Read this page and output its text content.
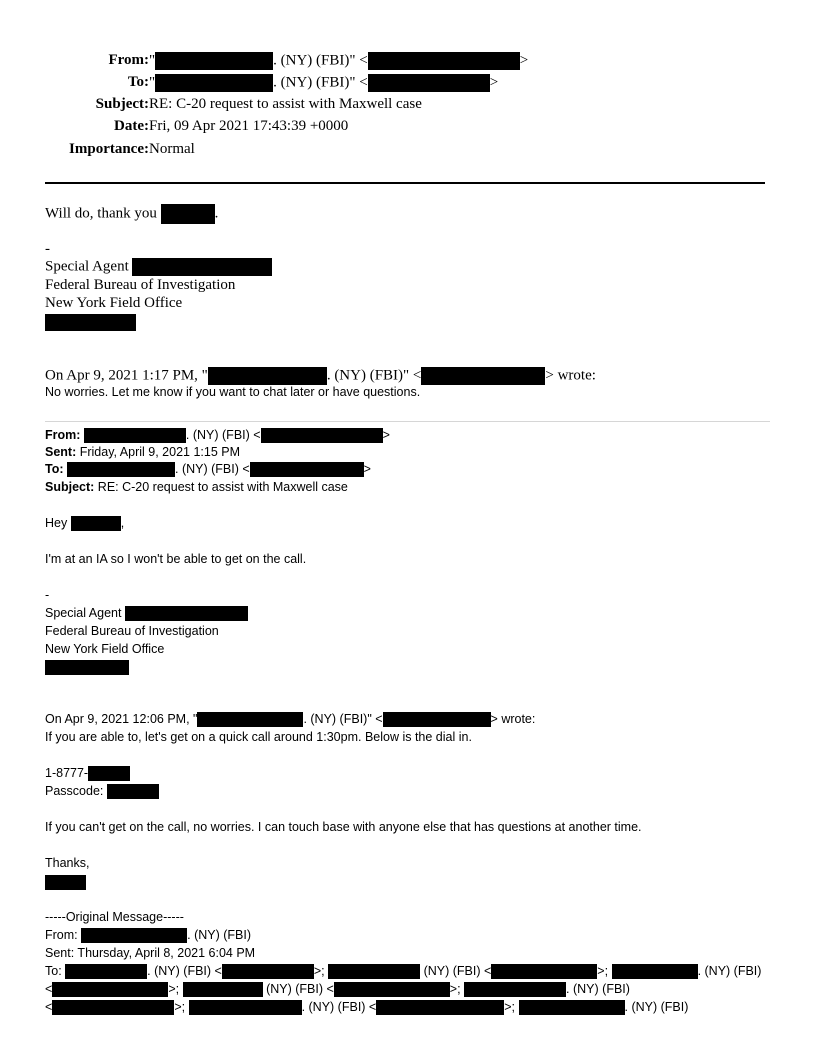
From: "	. (NY) (FBI)" <	>
To: "	. (NY) (FBI)" <	>
Subject: RE: C-20 request to assist with Maxwell case
Date: Fri, 09 Apr 2021 17:43:39 +0000
Importance: Normal
Will do, thank you	.
-
Special Agent
Federal Bureau of Investigation
New York Field Office
On Apr 9, 2021 1:17 PM, "	. (NY) (FBI)" <	> wrote:
No worries. Let me know if you want to chat later or have questions.
From:	. (NY) (FBI) <	>
Sent: Friday, April 9, 2021 1:15 PM
To:	. (NY) (FBI) <	>
Subject: RE: C-20 request to assist with Maxwell case
Hey	,
I'm at an IA so I won't be able to get on the call.
-
Special Agent
Federal Bureau of Investigation
New York Field Office
On Apr 9, 2021 12:06 PM, "	. (NY) (FBI)" <	> wrote:
If you are able to, let's get on a quick call around 1:30pm. Below is the dial in.
1-8777-
Passcode:
If you can't get on the call, no worries. I can touch base with anyone else that has questions at another time.
Thanks,
-----Original Message-----
From:	. (NY) (FBI)
Sent: Thursday, April 8, 2021 6:04 PM
To:	. (NY) (FBI) <	>;	(NY) (FBI) <	>;	. (NY) (FBI)
<	>;	(NY) (FBI) <	>;	. (NY) (FBI)
<	>;	. (NY) (FBI) <	>;	. (NY) (FBI)
